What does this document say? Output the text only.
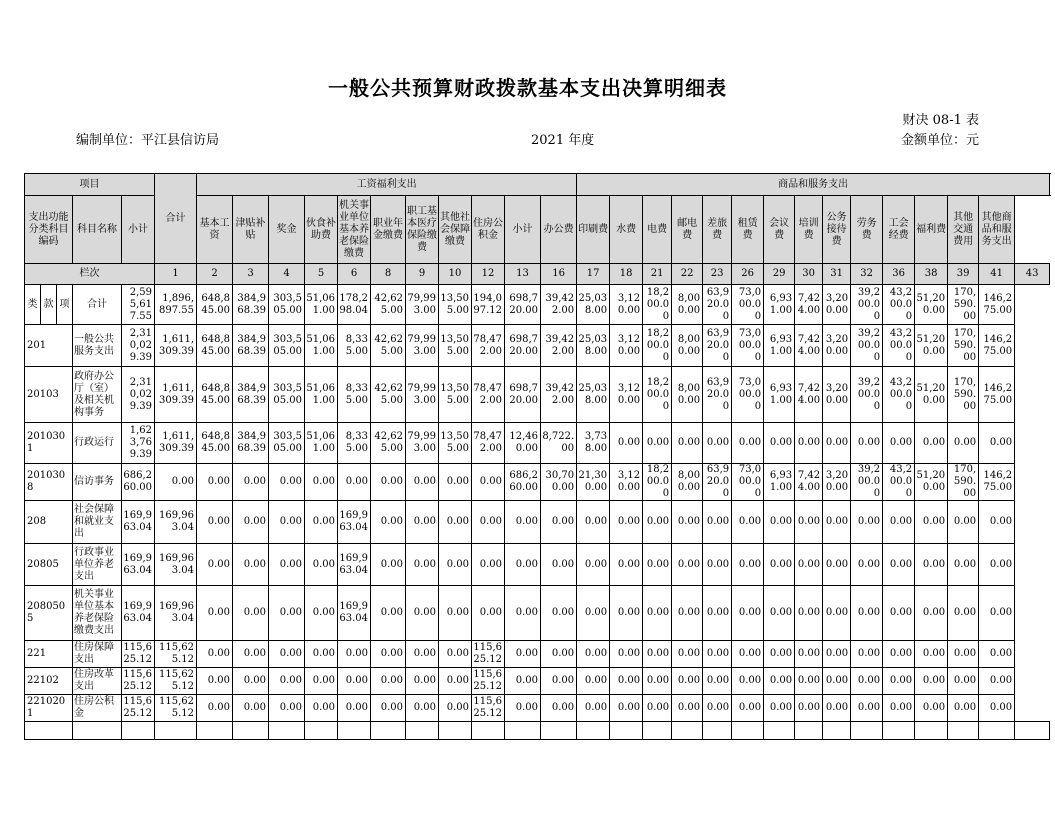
一般公共预算财政拨款基本支出决算明细表
财决 08-1 表
编制单位：平江县信访局	2021 年度	金额单位：元
项目					合计	工资福利支出											商品和服务支出														
支出功能分类科目编码			科目名称	小计		基本工资	津贴补贴	奖金	伙食补助费	机关事业单位基本养老保险缴费	职业年金缴费	职工基本医疗保险缴费	其他社会保障缴费	住房公积金	小计	办公费	印刷费	水费	电费	邮电费	差旅费	租赁费	会议费	培训费	公务接待费	劳务费	工会经费	福利费	其他交通费用	其他商品和服务支出	
栏次					1	2	3	4	5	6	8	9	10	12	13	16	17	18	21	22	23	26	29	30	31	32	36	38	39	41	43
类	款	项	合计	2,595,617.55	1,896,897.55	648,845.00	384,968.39	303,505.00	51,061.00	178,298.04	42,625.00	79,993.00	13,505.00	194,097.12	698,720.00	39,422.00	25,038.00	3,120.00	18,200.00	8,000.00	63,920.00	73,000.00	6,931.00	7,424.00	3,200.00	39,200.00	43,200.00	51,200.00	170,590.00	146,275.00	
201			一般公共服务支出	2,310,029.39	1,611,309.39	648,845.00	384,968.39	303,505.00	51,061.00	8,335.00	42,625.00	79,993.00	13,505.00	78,472.00	698,720.00	39,422.00	25,038.00	3,120.00	18,200.00	8,000.00	63,920.00	73,000.00	6,931.00	7,424.00	3,200.00	39,200.00	43,200.00	51,200.00	170,590.00	146,275.00	
20103			政府办公厅（室）及相关机构事务	2,310,029.39	1,611,309.39	648,845.00	384,968.39	303,505.00	51,061.00	8,335.00	42,625.00	79,993.00	13,505.00	78,472.00	698,720.00	39,422.00	25,038.00	3,120.00	18,200.00	8,000.00	63,920.00	73,000.00	6,931.00	7,424.00	3,200.00	39,200.00	43,200.00	51,200.00	170,590.00	146,275.00	
2010301			行政运行	1,623,769.39	1,611,309.39	648,845.00	384,968.39	303,505.00	51,061.00	8,335.00	42,625.00	79,993.00	13,505.00	78,472.00	12,460.00	8,722.00	3,738.00	0.00	0.00	0.00	0.00	0.00	0.00	0.00	0.00	0.00	0.00	0.00	0.00	0.00	
2010308			信访事务	686,260.00	0.00	0.00	0.00	0.00	0.00	0.00	0.00	0.00	0.00	0.00	686,260.00	30,700.00	21,300.00	3,120.00	18,200.00	8,000.00	63,920.00	73,000.00	6,931.00	7,424.00	3,200.00	39,200.00	43,200.00	51,200.00	170,590.00	146,275.00	
208			社会保障和就业支出	169,963.04	169,963.04	0.00	0.00	0.00	0.00	169,963.04	0.00	0.00	0.00	0.00	0.00	0.00	0.00	0.00	0.00	0.00	0.00	0.00	0.00	0.00	0.00	0.00	0.00	0.00	0.00	0.00	
20805			行政事业单位养老支出	169,963.04	169,963.04	0.00	0.00	0.00	0.00	169,963.04	0.00	0.00	0.00	0.00	0.00	0.00	0.00	0.00	0.00	0.00	0.00	0.00	0.00	0.00	0.00	0.00	0.00	0.00	0.00	0.00	
2080505			机关事业单位基本养老保险缴费支出	169,963.04	169,963.04	0.00	0.00	0.00	0.00	169,963.04	0.00	0.00	0.00	0.00	0.00	0.00	0.00	0.00	0.00	0.00	0.00	0.00	0.00	0.00	0.00	0.00	0.00	0.00	0.00	0.00	
221			住房保障支出	115,625.12	115,625.12	0.00	0.00	0.00	0.00	0.00	0.00	0.00	0.00	115,625.12	0.00	0.00	0.00	0.00	0.00	0.00	0.00	0.00	0.00	0.00	0.00	0.00	0.00	0.00	0.00	0.00	
22102			住房改革支出	115,625.12	115,625.12	0.00	0.00	0.00	0.00	0.00	0.00	0.00	0.00	115,625.12	0.00	0.00	0.00	0.00	0.00	0.00	0.00	0.00	0.00	0.00	0.00	0.00	0.00	0.00	0.00	0.00	
2210201			住房公积金	115,625.12	115,625.12	0.00	0.00	0.00	0.00	0.00	0.00	0.00	0.00	115,625.12	0.00	0.00	0.00	0.00	0.00	0.00	0.00	0.00	0.00	0.00	0.00	0.00	0.00	0.00	0.00	0.00	
